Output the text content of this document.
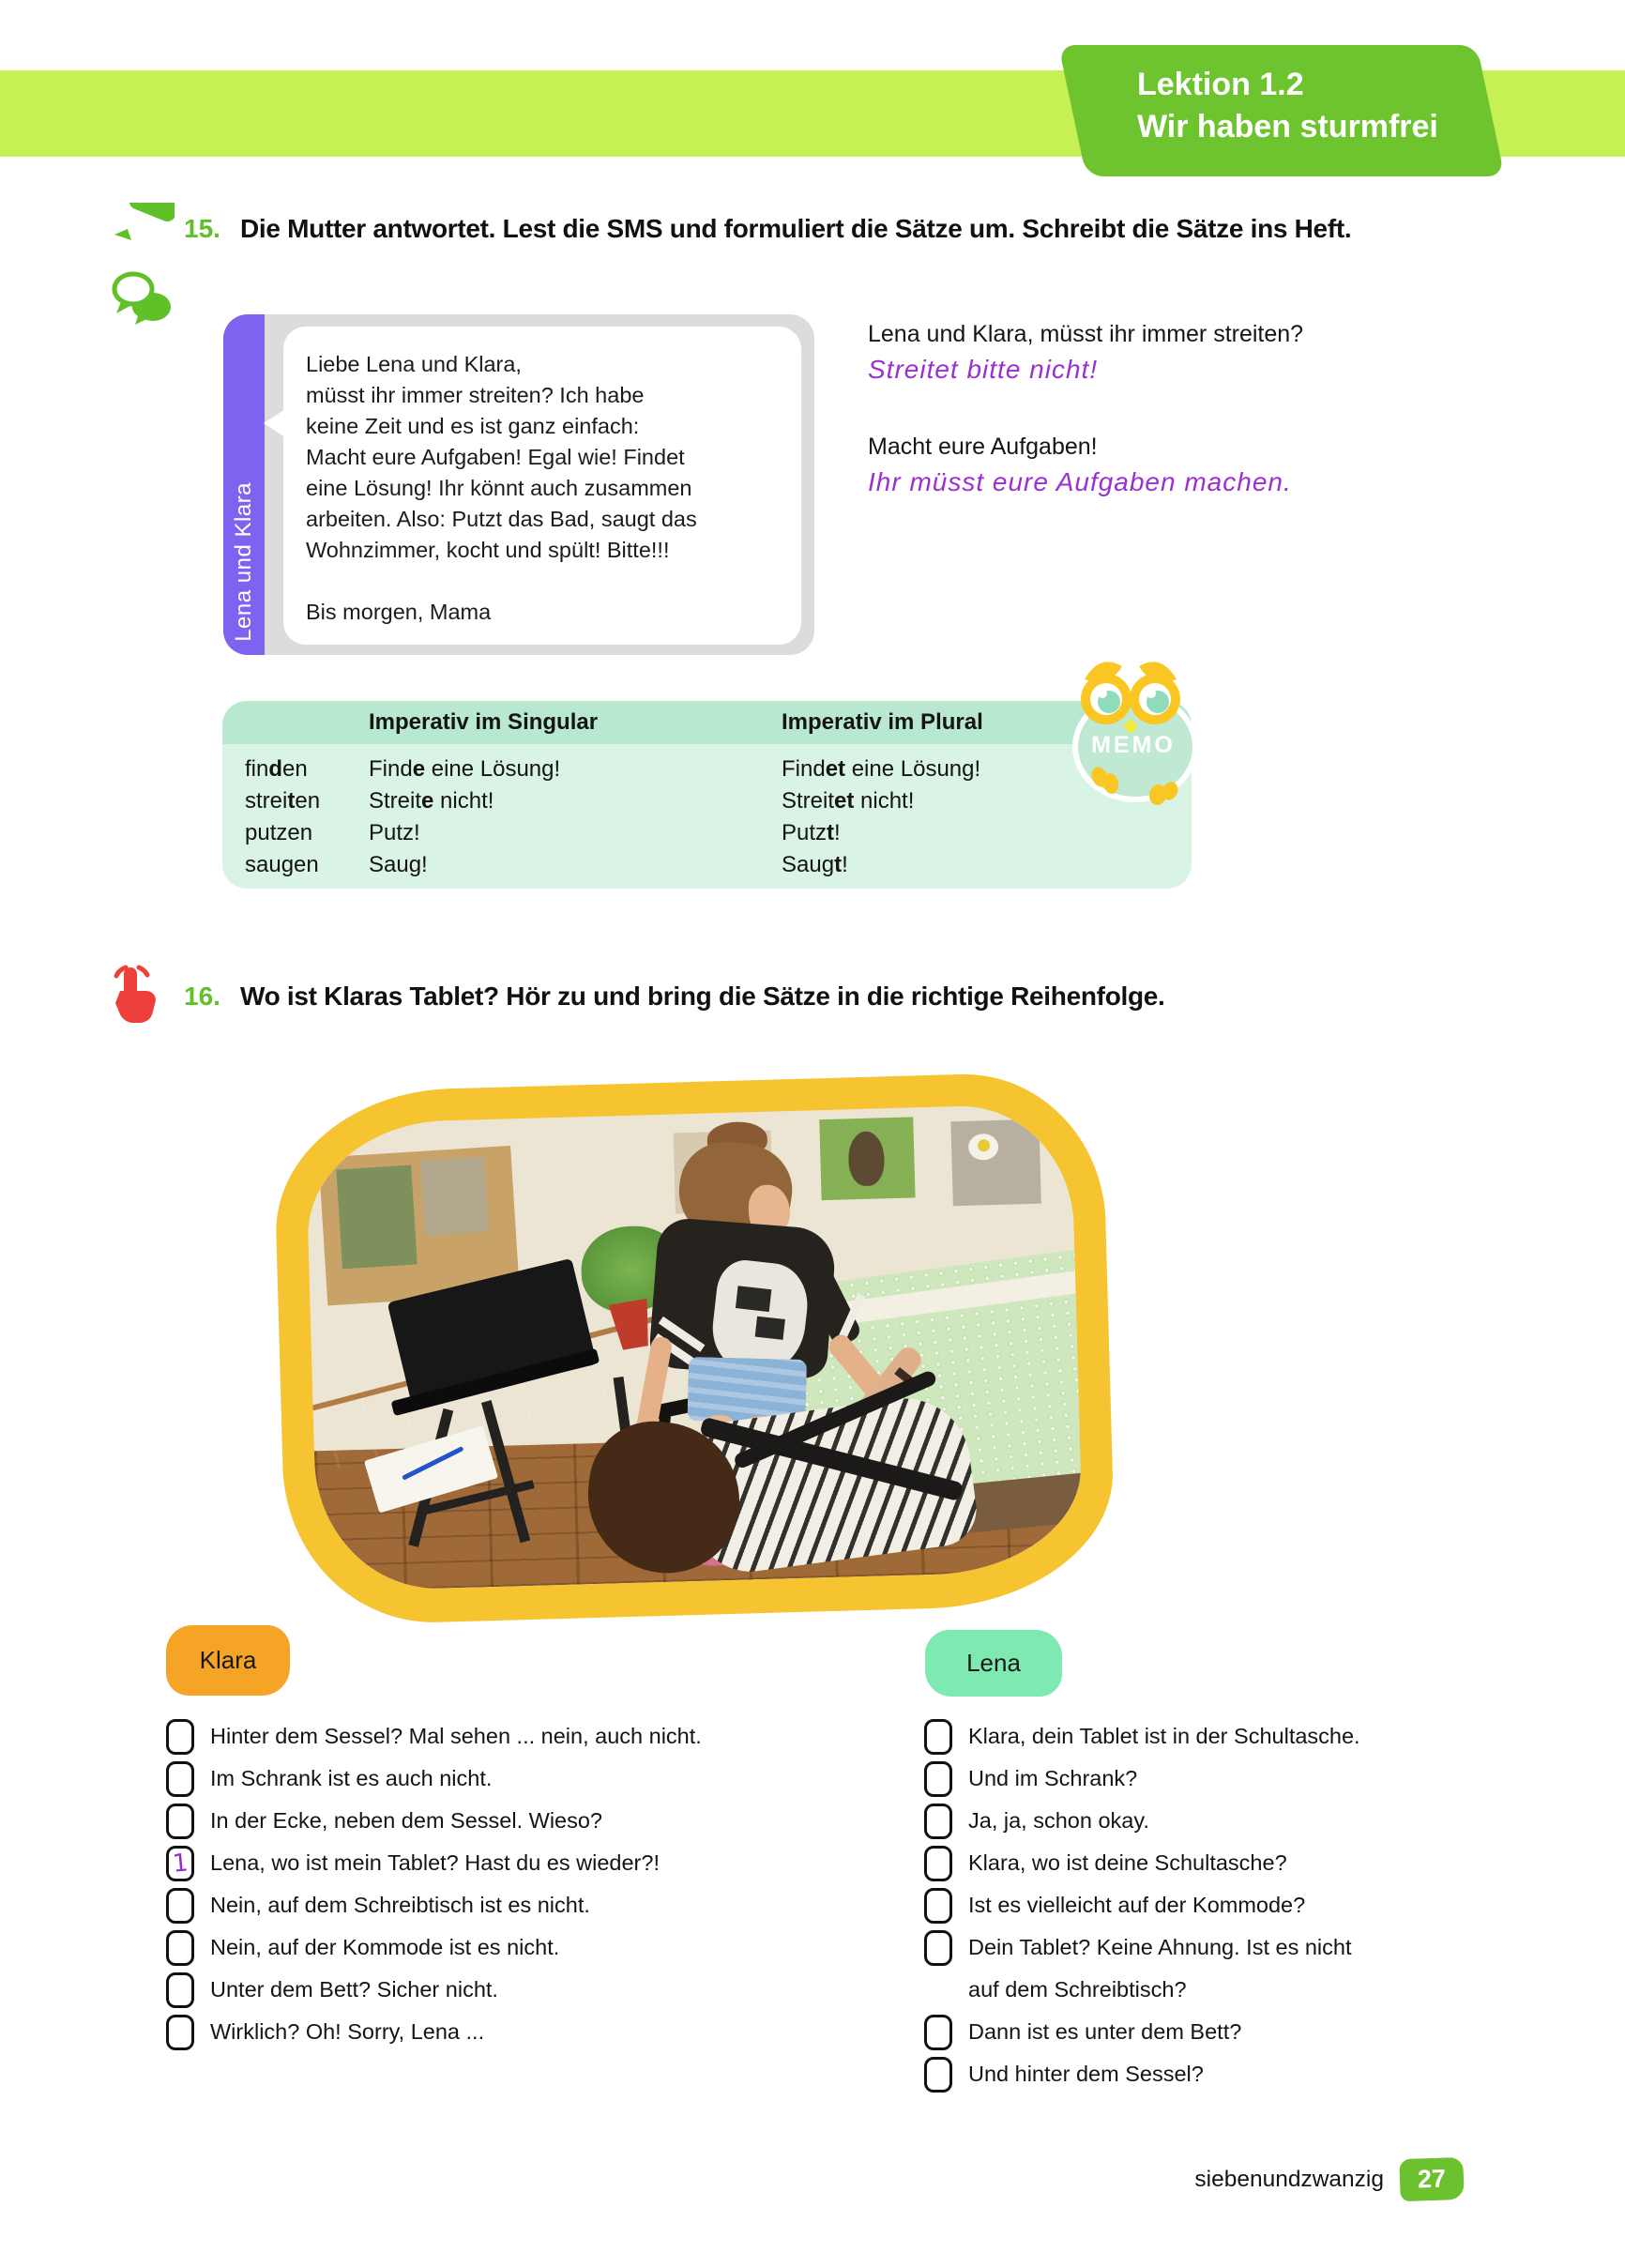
Lektion 1.2
Wir haben sturmfrei
15. Die Mutter antwortet. Lest die SMS und formuliert die Sätze um. Schreibt die Sätze ins Heft.
Lena und Klara
Liebe Lena und Klara,
müsst ihr immer streiten? Ich habe
keine Zeit und es ist ganz einfach:
Macht eure Aufgaben! Egal wie! Findet
eine Lösung! Ihr könnt auch zusammen
arbeiten. Also: Putzt das Bad, saugt das
Wohnzimmer, kocht und spült! Bitte!!!
Bis morgen, Mama
Lena und Klara, müsst ihr immer streiten?
Streitet bitte nicht!
Macht eure Aufgaben!
Ihr müsst eure Aufgaben machen.
Imperativ im Singular	Imperativ im Plural
finden	Finde eine Lösung!	Findet eine Lösung!
streiten	Streite nicht!	Streitet nicht!
putzen	Putz!	Putzt!
saugen	Saug!	Saugt!
MEMO
16. Wo ist Klaras Tablet? Hör zu und bring die Sätze in die richtige Reihenfolge.
Klara	Lena
Hinter dem Sessel? Mal sehen ... nein, auch nicht.
Im Schrank ist es auch nicht.
In der Ecke, neben dem Sessel. Wieso?
1 Lena, wo ist mein Tablet? Hast du es wieder?!
Nein, auf dem Schreibtisch ist es nicht.
Nein, auf der Kommode ist es nicht.
Unter dem Bett? Sicher nicht.
Wirklich? Oh! Sorry, Lena ...
Klara, dein Tablet ist in der Schultasche.
Und im Schrank?
Ja, ja, schon okay.
Klara, wo ist deine Schultasche?
Ist es vielleicht auf der Kommode?
Dein Tablet? Keine Ahnung. Ist es nicht
auf dem Schreibtisch?
Dann ist es unter dem Bett?
Und hinter dem Sessel?
siebenundzwanzig	27
